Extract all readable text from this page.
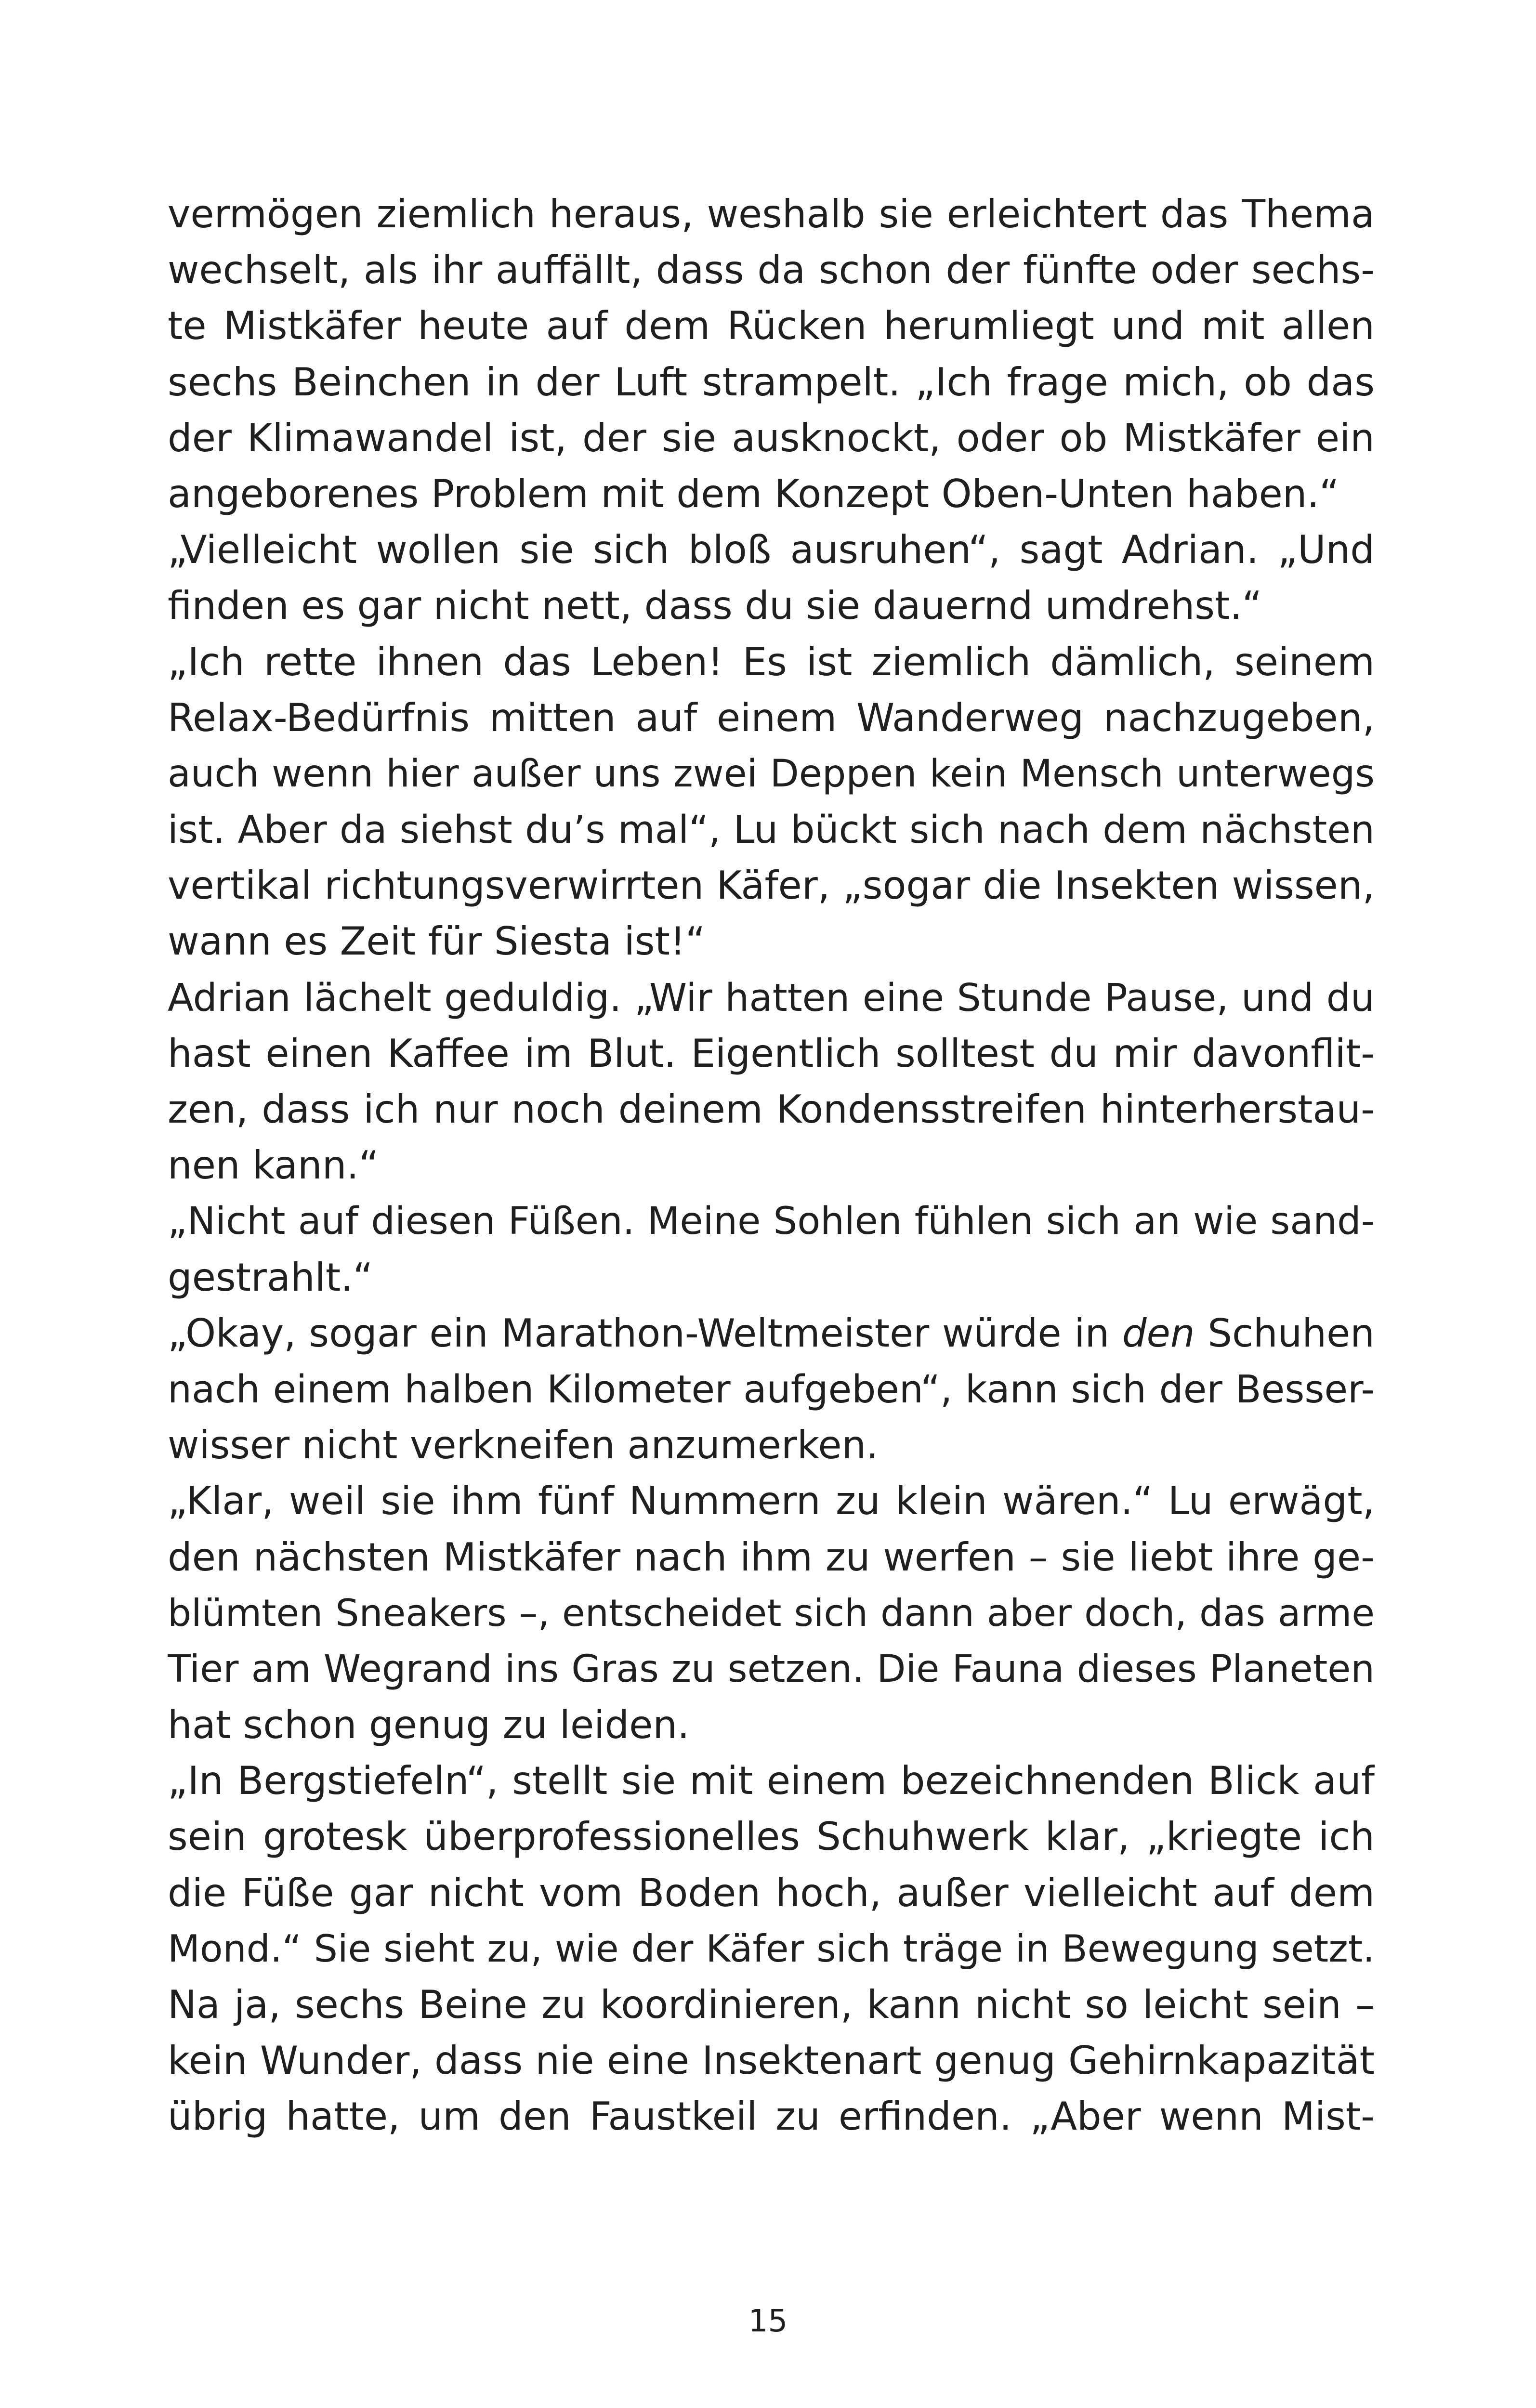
vermögen ziemlich heraus, weshalb sie erleichtert das Thema
wechselt, als ihr auffällt, dass da schon der fünfte oder sechs-
te Mistkäfer heute auf dem Rücken herumliegt und mit allen
sechs Beinchen in der Luft strampelt. „Ich frage mich, ob das
der Klimawandel ist, der sie ausknockt, oder ob Mistkäfer ein
angeborenes Problem mit dem Konzept Oben-Unten haben.“
„Vielleicht wollen sie sich bloß ausruhen“, sagt Adrian. „Und
finden es gar nicht nett, dass du sie dauernd umdrehst.“
„Ich rette ihnen das Leben! Es ist ziemlich dämlich, seinem
Relax-Bedürfnis mitten auf einem Wanderweg nachzugeben,
auch wenn hier außer uns zwei Deppen kein Mensch unterwegs
ist. Aber da siehst du’s mal“, Lu bückt sich nach dem nächsten
vertikal richtungsverwirrten Käfer, „sogar die Insekten wissen,
wann es Zeit für Siesta ist!“
Adrian lächelt geduldig. „Wir hatten eine Stunde Pause, und du
hast einen Kaffee im Blut. Eigentlich solltest du mir davonflit-
zen, dass ich nur noch deinem Kondensstreifen hinterherstau-
nen kann.“
„Nicht auf diesen Füßen. Meine Sohlen fühlen sich an wie sand-
gestrahlt.“
„Okay, sogar ein Marathon-Weltmeister würde in den Schuhen
nach einem halben Kilometer aufgeben“, kann sich der Besser-
wisser nicht verkneifen anzumerken.
„Klar, weil sie ihm fünf Nummern zu klein wären.“ Lu erwägt,
den nächsten Mistkäfer nach ihm zu werfen – sie liebt ihre ge-
blümten Sneakers –, entscheidet sich dann aber doch, das arme
Tier am Wegrand ins Gras zu setzen. Die Fauna dieses Planeten
hat schon genug zu leiden.
„In Bergstiefeln“, stellt sie mit einem bezeichnenden Blick auf
sein grotesk überprofessionelles Schuhwerk klar, „kriegte ich
die Füße gar nicht vom Boden hoch, außer vielleicht auf dem
Mond.“ Sie sieht zu, wie der Käfer sich träge in Bewegung setzt.
Na ja, sechs Beine zu koordinieren, kann nicht so leicht sein –
kein Wunder, dass nie eine Insektenart genug Gehirnkapazität
übrig hatte, um den Faustkeil zu erfinden. „Aber wenn Mist-
15
